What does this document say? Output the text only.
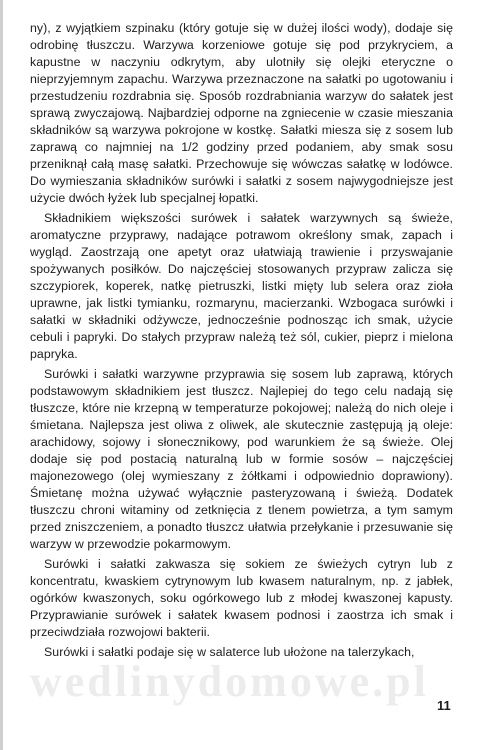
ny), z wyjątkiem szpinaku (który gotuje się w dużej ilości wody), dodaje się odrobinę tłuszczu. Warzywa korzeniowe gotuje się pod przykryciem, a kapustne w naczyniu odkrytym, aby ulotniły się olejki eteryczne o nieprzyjemnym zapachu. Warzywa przeznaczone na sałatki po ugotowaniu i przestudzeniu rozdrabnia się. Sposób rozdrabniania warzyw do sałatek jest sprawą zwyczajową. Najbardziej odporne na zgniecenie w czasie mieszania składników są warzywa pokrojone w kostkę. Sałatki miesza się z sosem lub zaprawą co najmniej na 1/2 godziny przed podaniem, aby smak sosu przeniknął całą masę sałatki. Przechowuje się wówczas sałatkę w lodówce. Do wymieszania składników surówki i sałatki z sosem najwygodniejsze jest użycie dwóch łyżek lub specjalnej łopatki.

Składnikiem większości surówek i sałatek warzywnych są świeże, aromatyczne przyprawy, nadające potrawom określony smak, zapach i wygląd. Zaostrzają one apetyt oraz ułatwiają trawienie i przyswajanie spożywanych posiłków. Do najczęściej stosowanych przypraw zalicza się szczypiorek, koperek, natkę pietruszki, listki mięty lub selera oraz zioła uprawne, jak listki tymianku, rozmarynu, macierzanki. Wzbogaca surówki i sałatki w składniki odżywcze, jednocześnie podnosząc ich smak, użycie cebuli i papryki. Do stałych przypraw należą też sól, cukier, pieprz i mielona papryka.

Surówki i sałatki warzywne przyprawia się sosem lub zaprawą, których podstawowym składnikiem jest tłuszcz. Najlepiej do tego celu nadają się tłuszcze, które nie krzepną w temperaturze pokojowej; należą do nich oleje i śmietana. Najlepsza jest oliwa z oliwek, ale skutecznie zastępują ją oleje: arachidowy, sojowy i słonecznikowy, pod warunkiem że są świeże. Olej dodaje się pod postacią naturalną lub w formie sosów – najczęściej majonezowego (olej wymieszany z żółtkami i odpowiednio doprawiony). Śmietanę można używać wyłącznie pasteryzowaną i świeżą. Dodatek tłuszczu chroni witaminy od zetknięcia z tlenem powietrza, a tym samym przed zniszczeniem, a ponadto tłuszcz ułatwia przełykanie i przesuwanie się warzyw w przewodzie pokarmowym.

Surówki i sałatki zakwasza się sokiem ze świeżych cytryn lub z koncentratu, kwaskiem cytrynowym lub kwasem naturalnym, np. z jabłek, ogórków kwaszonych, soku ogórkowego lub z młodej kwaszonej kapusty. Przyprawianie surówek i sałatek kwasem podnosi i zaostrza ich smak i przeciwdziała rozwojowi bakterii.

Surówki i sałatki podaje się w salaterce lub ułożone na talerzykach,

wedlinydomowe.pl 11
